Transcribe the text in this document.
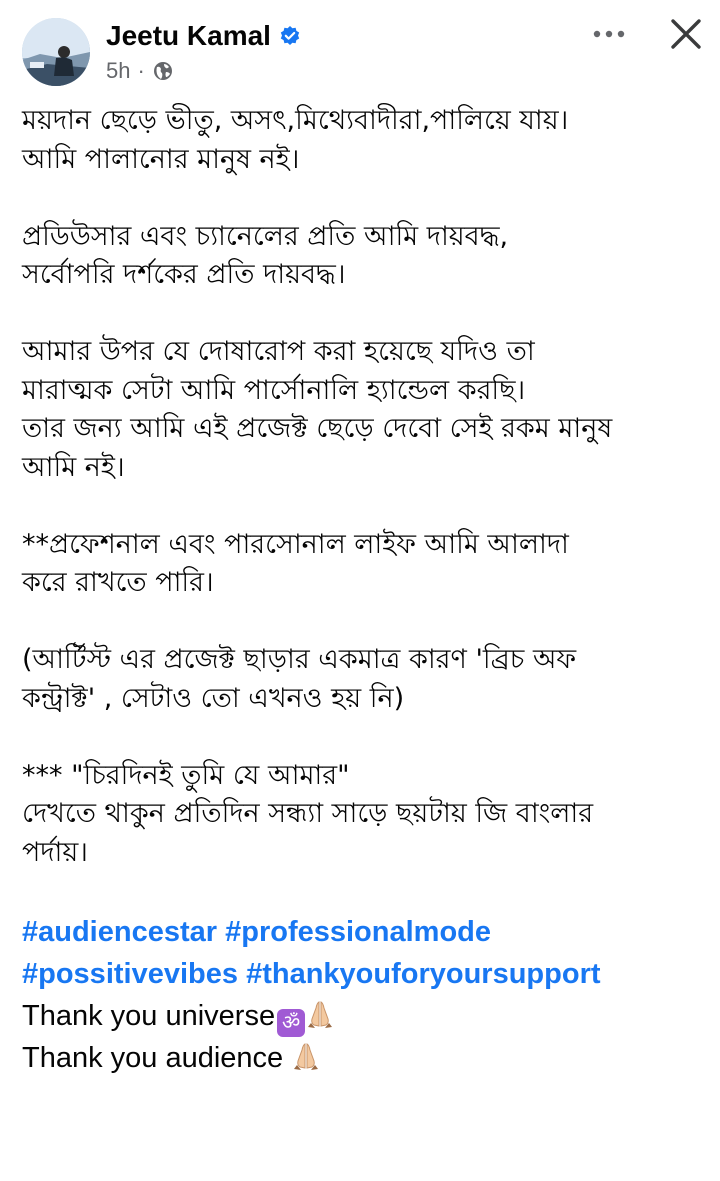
Jeetu Kamal
5h ·

ময়দান ছেড়ে ভীতু, অসৎ,মিথ্যেবাদীরা,পালিয়ে যায়।
আমি পালানোর মানুষ নই।

প্রডিউসার এবং চ্যানেলের প্রতি আমি দায়বদ্ধ,
সর্বোপরি দর্শকের প্রতি দায়বদ্ধ।

আমার উপর যে দোষারোপ করা হয়েছে যদিও তা
মারাত্মক সেটা আমি পার্সোনালি হ্যান্ডেল করছি।
তার জন্য আমি এই প্রজেক্ট ছেড়ে দেবো সেই রকম মানুষ
আমি নই।

**প্রফেশনাল এবং পারসোনাল লাইফ আমি আলাদা
করে রাখতে পারি।

(আর্টিস্ট এর প্রজেক্ট ছাড়ার একমাত্র কারণ 'ব্রিচ অফ
কন্ট্রাক্ট' , সেটাও তো এখনও হয় নি)

*** "চিরদিনই তুমি যে আমার"
দেখতে থাকুন প্রতিদিন সন্ধ্যা সাড়ে ছয়টায় জি বাংলার
পর্দায়।

#audiencestar #professionalmode

#possitivevibes #thankyouforyoursupport

Thank you universe ॐ

Thank you audience
